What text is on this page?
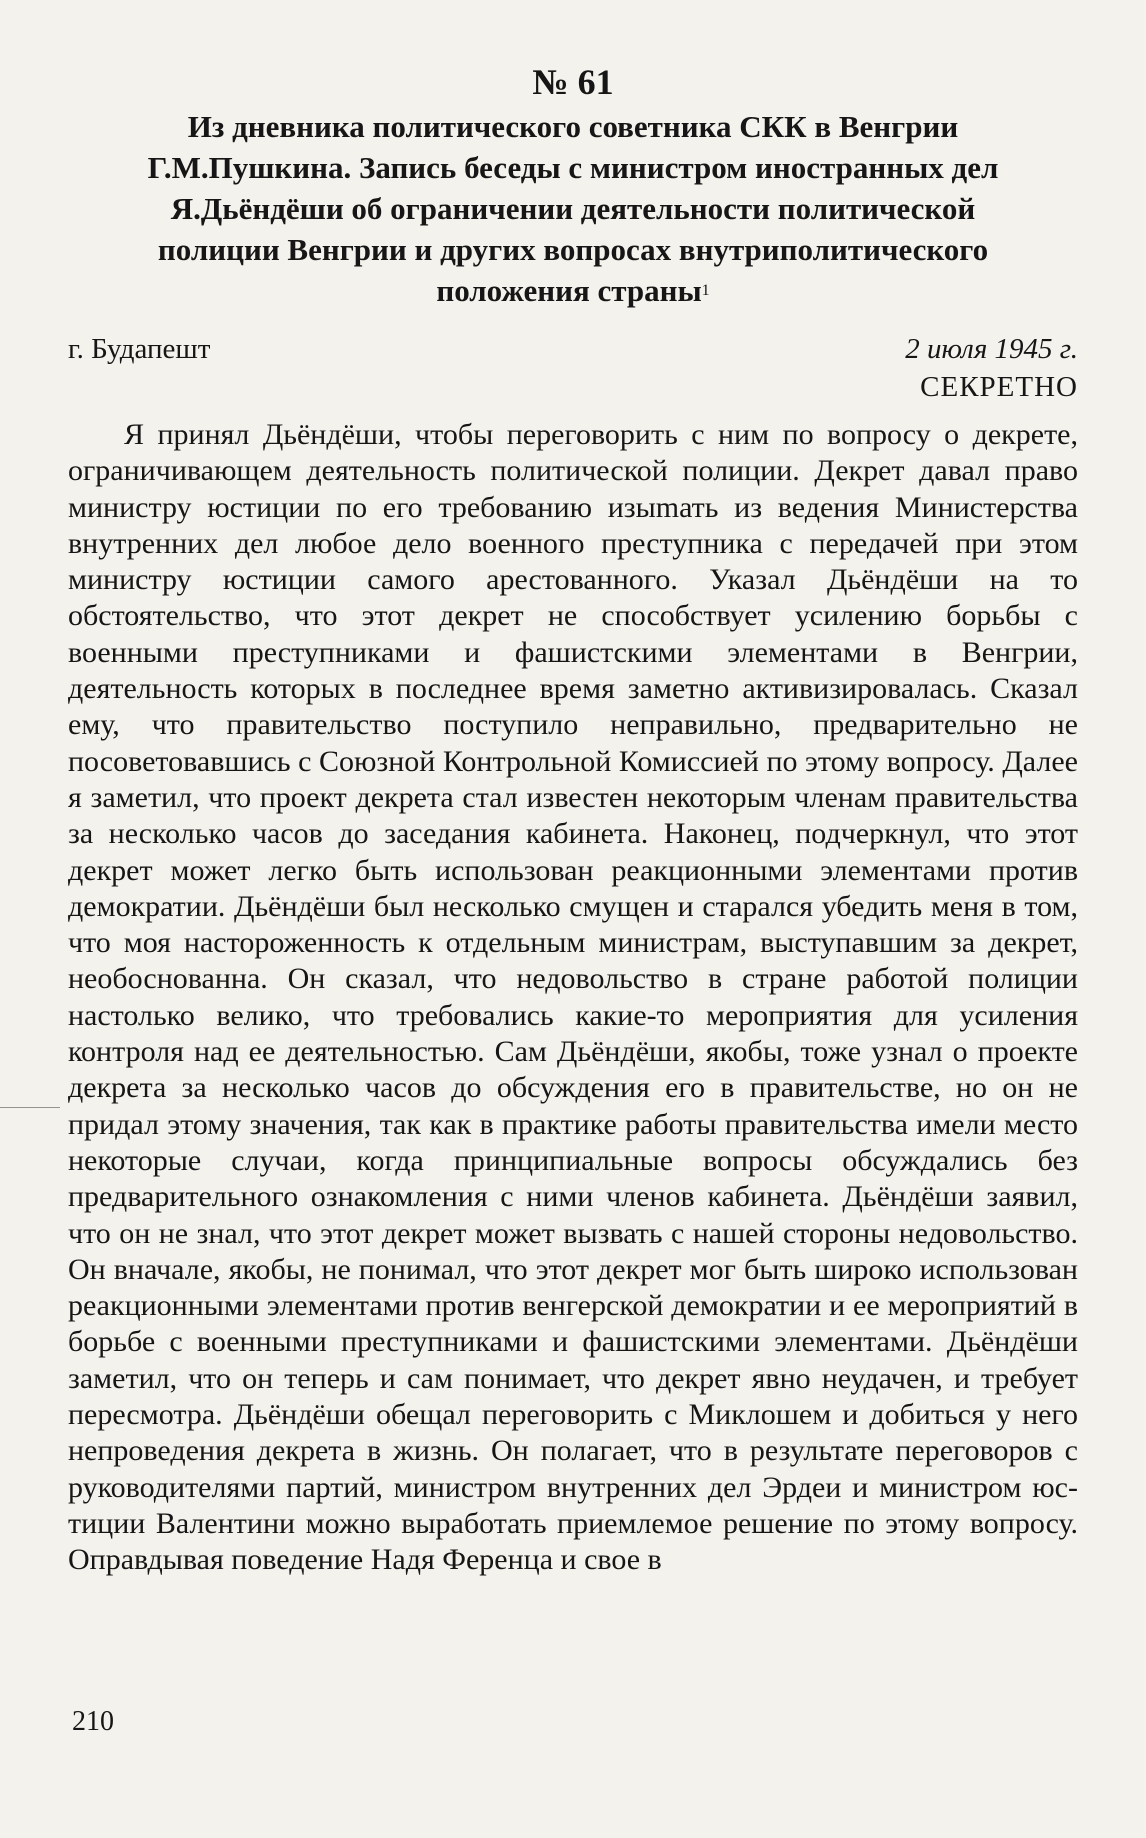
№ 61
Из дневника политического советника СКК в Венгрии Г.М.Пушкина. Запись беседы с министром иностранных дел Я.Дьёндёши об ограничении деятельности политической полиции Венгрии и других вопросах внутриполитического положения страны$^1$
г. Будапешт	2 июля 1945 г.
СЕКРЕТНО
Я принял Дьёндёши, чтобы переговорить с ним по вопросу о декрете, ограничивающем деятельность политической полиции. Декрет давал право министру юстиции по его требованию изыmать из ведения Министерства внутренних дел любое дело военного преступника с передачей при этом министру юстиции самого арестованного. Указал Дьёндёши на то обстоятельство, что этот декрет не способствует усилению борьбы с военными преступниками и фашистскими элементами в Венгрии, деятельность которых в последнее время заметно активизировалась. Сказал ему, что правительство поступило неправильно, предварительно не посоветовавшись с Союзной Контрольной Комиссией по этому вопросу. Далее я заметил, что проект декрета стал известен некоторым членам правительства за несколько часов до заседания кабинета. Наконец, подчеркнул, что этот декрет может легко быть использован реакционными элементами против демократии. Дьёндёши был несколько смущен и старался убедить меня в том, что моя настороженность к отдельным министрам, выступавшим за декрет, необоснованна. Он сказал, что недовольство в стране работой полиции настолько велико, что требовались какие-то мероприятия для усиления контроля над ее деятельностью. Сам Дьёндёши, якобы, тоже узнал о проекте декрета за несколько часов до обсуждения его в правительстве, но он не придал этому значения, так как в практике работы правительства имели место некоторые случаи, когда принципиальные вопросы обсуждались без предварительного ознакомления с ними членов кабинета. Дьёндёши заявил, что он не знал, что этот декрет может вызвать с нашей стороны недовольство. Он вначале, якобы, не понимал, что этот декрет мог быть широко использован реакционными элементами против венгерской демократии и ее мероприятий в борьбе с военными преступниками и фашистскими элементами. Дьёндёши заметил, что он теперь и сам понимает, что декрет явно неудачен, и требует пересмотра. Дьёндёши обещал переговорить с Миклошем и добиться у него непроведения декрета в жизнь. Он полагает, что в результате переговоров с руководителями партий, министром внутренних дел Эрдеи и министром юстиции Валентини можно выработать приемлемое решение по этому вопросу. Оправдывая поведение Надя Ференца и свое в
210
